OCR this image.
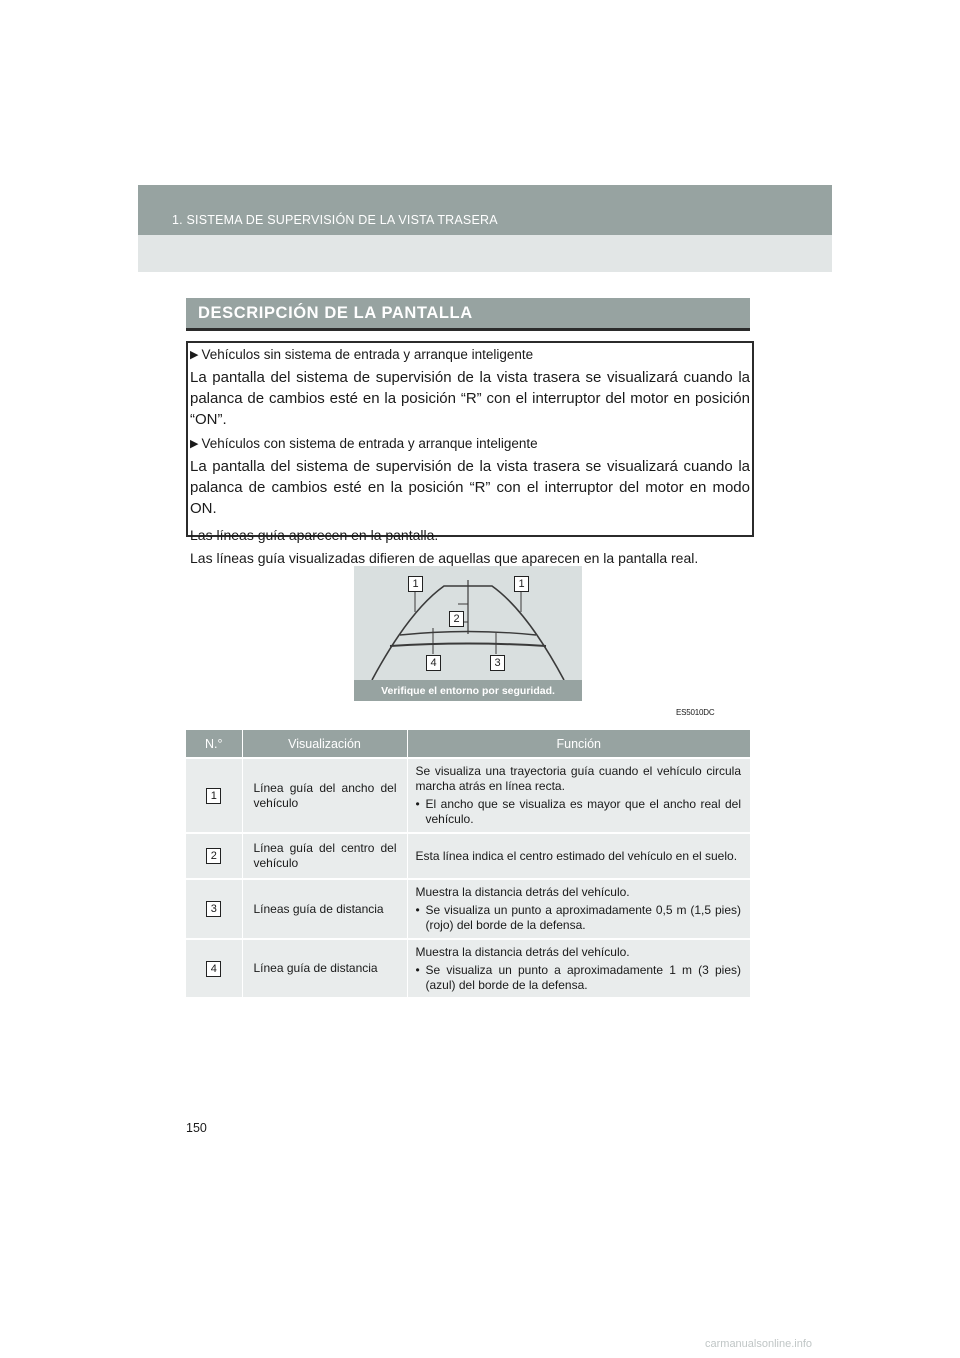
1. SISTEMA DE SUPERVISIÓN DE LA VISTA TRASERA
DESCRIPCIÓN DE LA PANTALLA

▶ Vehículos sin sistema de entrada y arranque inteligente

La pantalla del sistema de supervisión de la vista trasera se visualizará cuando la palanca de cambios esté en la posición “R” con el interruptor del motor en posición “ON”.

▶ Vehículos con sistema de entrada y arranque inteligente

La pantalla del sistema de supervisión de la vista trasera se visualizará cuando la palanca de cambios esté en la posición “R” con el interruptor del motor en modo ON.

Las líneas guía aparecen en la pantalla.

Las líneas guía visualizadas difieren de aquellas que aparecen en la pantalla real.

1	1
2
4	3
Verifique el entorno por seguridad.
ES5010DC
N.°	Visualización	Función
1	Línea guía del ancho del vehículo	Se visualiza una trayectoria guía cuando el vehículo circula marcha atrás en línea recta.

• El ancho que se visualiza es mayor que el ancho real del vehículo.

2	Línea guía del centro del vehículo	Esta línea indica el centro estimado del vehículo en el suelo.

3	Líneas guía de distancia	Muestra la distancia detrás del vehículo.

• Se visualiza un punto a aproximadamente 0,5 m (1,5 pies) (rojo) del borde de la defensa.

4	Línea guía de distancia	Muestra la distancia detrás del vehículo.

• Se visualiza un punto a aproximadamente 1 m (3 pies) (azul) del borde de la defensa.
150
carmanualsonline.info
